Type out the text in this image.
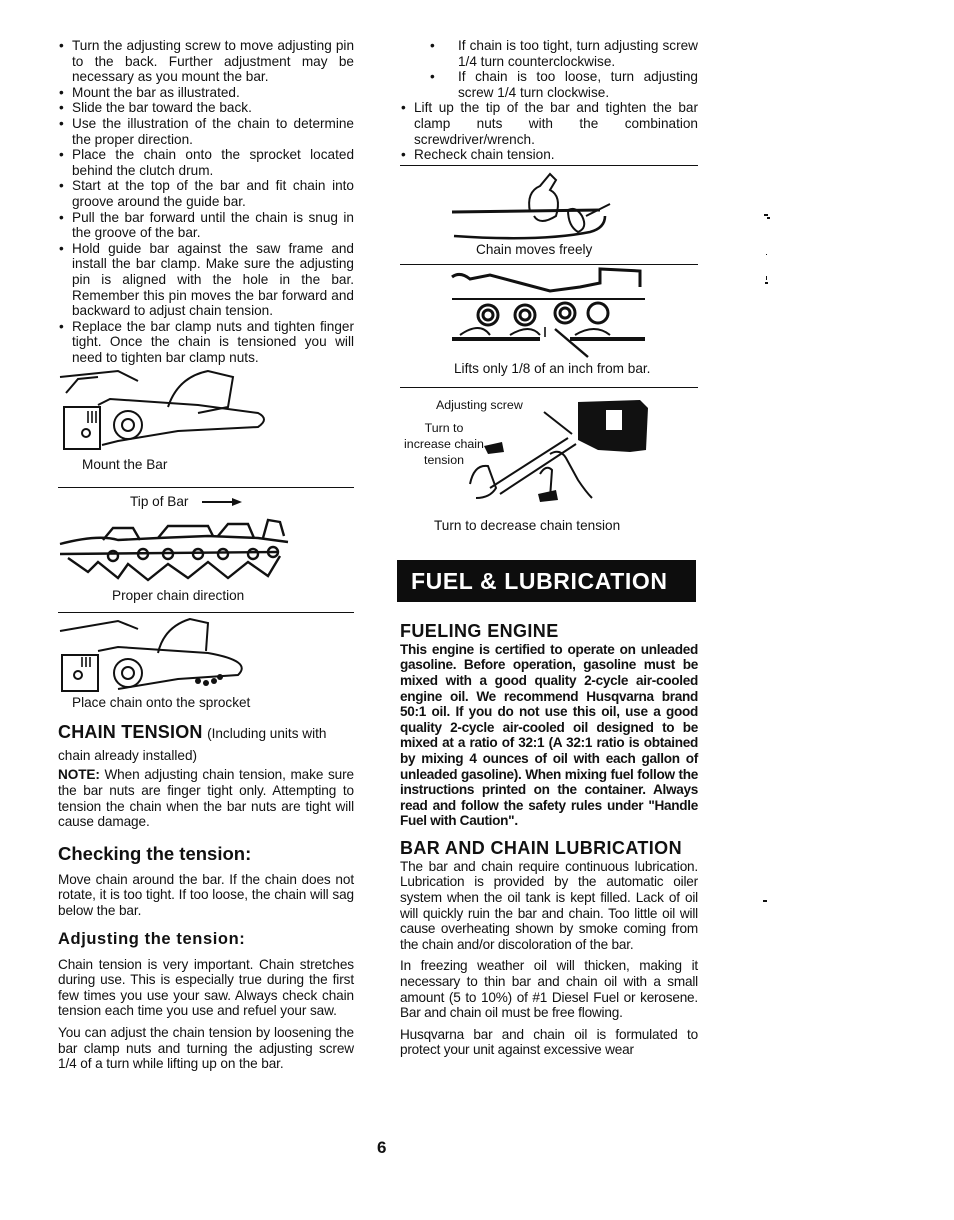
• Turn the adjusting screw to move adjusting pin to the back. Further adjustment may be necessary as you mount the bar.
• Mount the bar as illustrated.
• Slide the bar toward the back.
• Use the illustration of the chain to determine the proper direction.
• Place the chain onto the sprocket located behind the clutch drum.
• Start at the top of the bar and fit chain into groove around the guide bar.
• Pull the bar forward until the chain is snug in the groove of the bar.
• Hold guide bar against the saw frame and install the bar clamp. Make sure the adjusting pin is aligned with the hole in the bar. Remember this pin moves the bar forward and backward to adjust chain tension.
• Replace the bar clamp nuts and tighten finger tight. Once the chain is tensioned you will need to tighten bar clamp nuts.
Mount the Bar
Tip of Bar
Proper chain direction
Place chain onto the sprocket
CHAIN TENSION (Including units with chain already installed)

NOTE: When adjusting chain tension, make sure the bar nuts are finger tight only. Attempting to tension the chain when the bar nuts are tight will cause damage.

Checking the tension:

Move chain around the bar. If the chain does not rotate, it is too tight. If too loose, the chain will sag below the bar.

Adjusting the tension:

Chain tension is very important. Chain stretches during use. This is especially true during the first few times you use your saw. Always check chain tension each time you use and refuel your saw.

You can adjust the chain tension by loosening the bar clamp nuts and turning the adjusting screw 1/4 of a turn while lifting up on the bar.

• If chain is too tight, turn adjusting screw 1/4 turn counterclockwise.
• If chain is too loose, turn adjusting screw 1/4 turn clockwise.
• Lift up the tip of the bar and tighten the bar clamp nuts with the combination screwdriver/wrench.
• Recheck chain tension.
Chain moves freely
Lifts only 1/8 of an inch from bar.
Adjusting screw
Turn to increase chain tension
Turn to decrease chain tension
FUEL & LUBRICATION
FUELING ENGINE

This engine is certified to operate on unleaded gasoline. Before operation, gasoline must be mixed with a good quality 2-cycle air-cooled engine oil. We recommend Husqvarna brand 50:1 oil. If you do not use this oil, use a good quality 2-cycle air-cooled oil designed to be mixed at a ratio of 32:1 (A 32:1 ratio is obtained by mixing 4 ounces of oil with each gallon of unleaded gasoline). When mixing fuel follow the instructions printed on the container. Always read and follow the safety rules under "Handle Fuel with Caution".

BAR AND CHAIN LUBRICATION

The bar and chain require continuous lubrication. Lubrication is provided by the automatic oiler system when the oil tank is kept filled. Lack of oil will quickly ruin the bar and chain. Too little oil will cause overheating shown by smoke coming from the chain and/or discoloration of the bar.

In freezing weather oil will thicken, making it necessary to thin bar and chain oil with a small amount (5 to 10%) of #1 Diesel Fuel or kerosene. Bar and chain oil must be free flowing.

Husqvarna bar and chain oil is formulated to protect your unit against excessive wear

6
